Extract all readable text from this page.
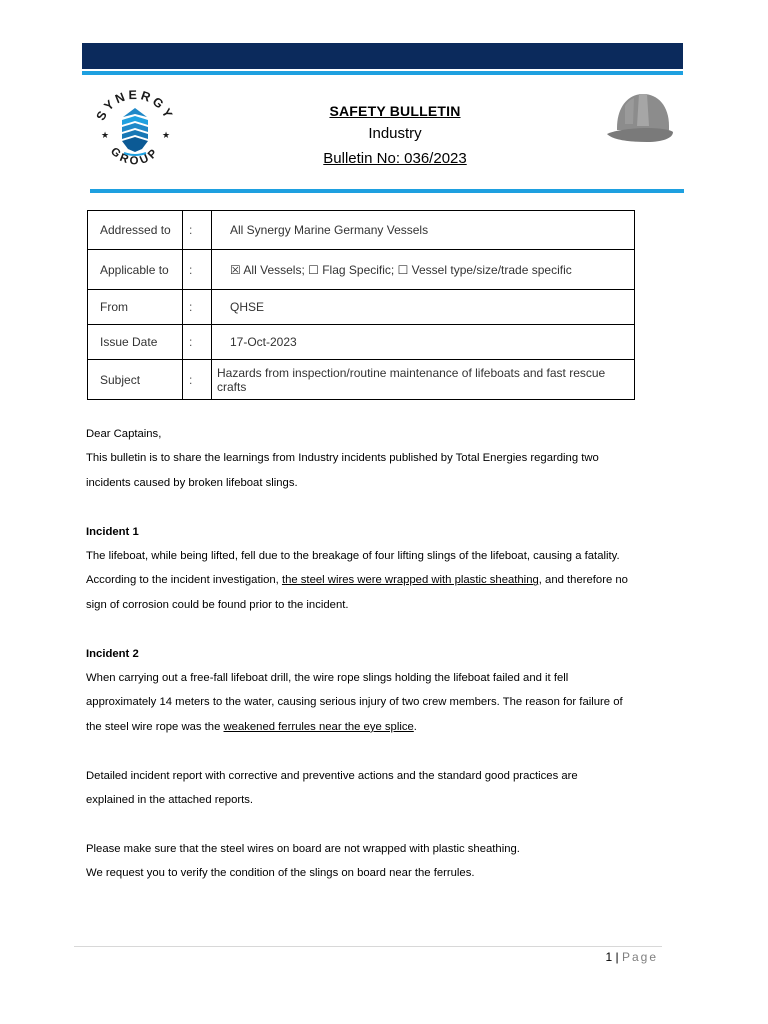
SYNERGY
GROUP
★	★
SAFETY BULLETIN
Industry
Bulletin No: 036/2023
Addressed to	:	All Synergy Marine Germany Vessels
Applicable to	:	☒ All Vessels; ☐ Flag Specific; ☐ Vessel type/size/trade specific
From	:	QHSE
Issue Date	:	17-Oct-2023
Subject	:	Hazards from inspection/routine maintenance of lifeboats and fast rescue crafts

Dear Captains,

This bulletin is to share the learnings from Industry incidents published by Total Energies regarding two

incidents caused by broken lifeboat slings.

Incident 1

The lifeboat, while being lifted, fell due to the breakage of four lifting slings of the lifeboat, causing a fatality.

According to the incident investigation, the steel wires were wrapped with plastic sheathing, and therefore no

sign of corrosion could be found prior to the incident.

Incident 2

When carrying out a free-fall lifeboat drill, the wire rope slings holding the lifeboat failed and it fell

approximately 14 meters to the water, causing serious injury of two crew members. The reason for failure of

the steel wire rope was the weakened ferrules near the eye splice.

Detailed incident report with corrective and preventive actions and the standard good practices are

explained in the attached reports.

Please make sure that the steel wires on board are not wrapped with plastic sheathing.

We request you to verify the condition of the slings on board near the ferrules.

1 | Page
